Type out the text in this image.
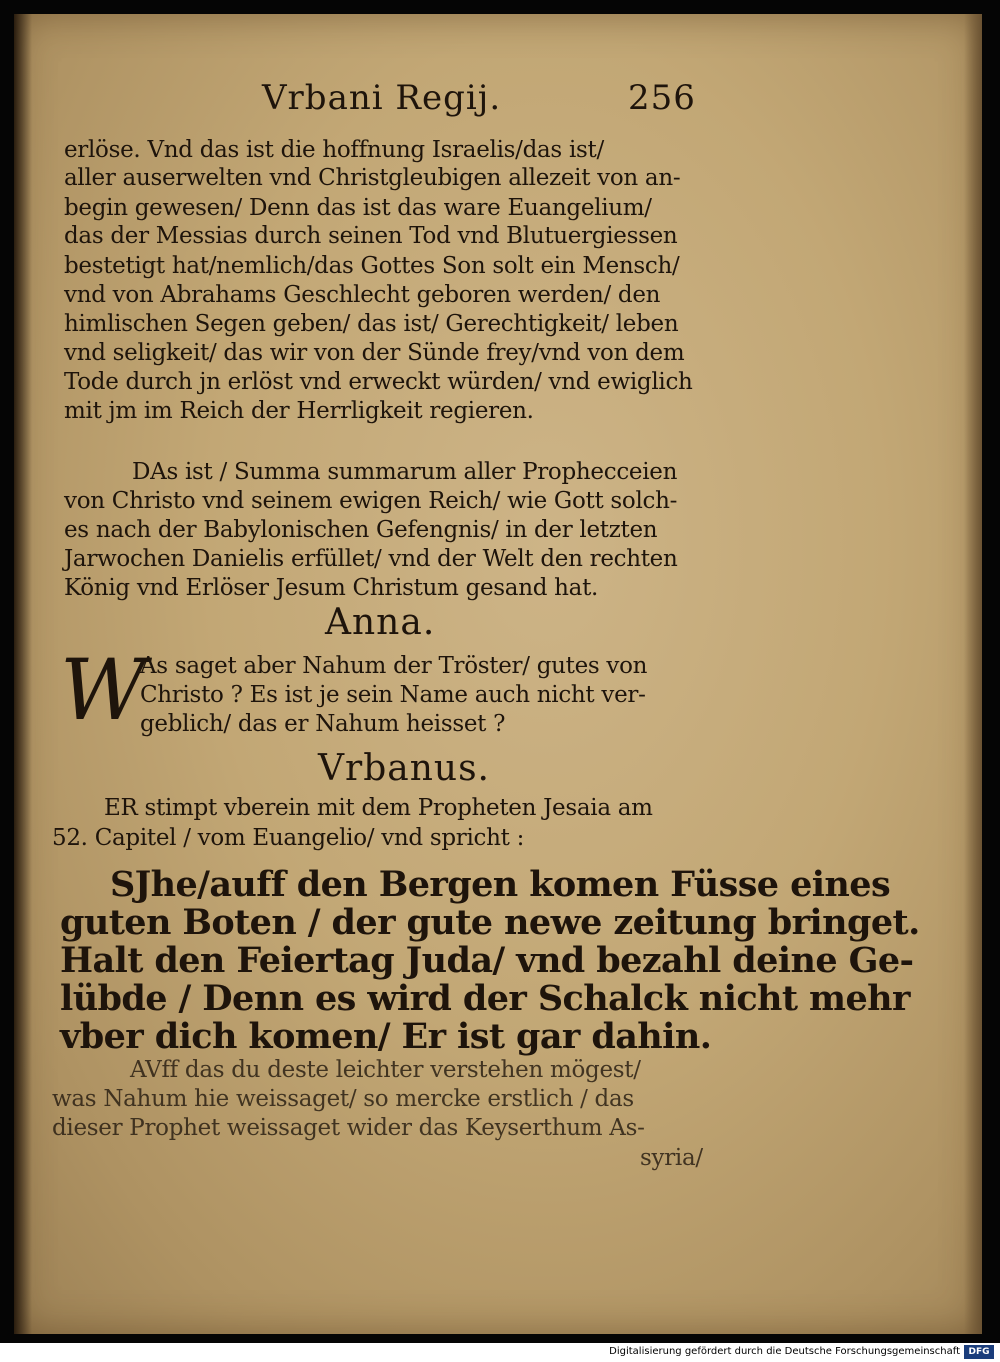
Vrbani Regij.	256
erlöse. Vnd das ist die hoffnung Israelis/das ist/
aller auserwelten vnd Christgleubigen allezeit von an-
begin gewesen/ Denn das ist das ware Euangelium/
das der Messias durch seinen Tod vnd Blutuergiessen
bestetigt hat/nemlich/das Gottes Son solt ein Mensch/
vnd von Abrahams Geschlecht geboren werden/ den
himlischen Segen geben/ das ist/ Gerechtigkeit/ leben
vnd seligkeit/ das wir von der Sünde frey/vnd von dem
Tode durch jn erlöst vnd erweckt würden/ vnd ewiglich
mit jm im Reich der Herrligkeit regieren.
DAs ist / Summa summarum aller Prophecceien
von Christo vnd seinem ewigen Reich/ wie Gott solch-
es nach der Babylonischen Gefengnis/ in der letzten
Jarwochen Danielis erfüllet/ vnd der Welt den rechten
König vnd Erlöser Jesum Christum gesand hat.
Anna.
W
As saget aber Nahum der Tröster/ gutes von
Christo ? Es ist je sein Name auch nicht ver-
geblich/ das er Nahum heisset ?
Vrbanus.
ER stimpt vberein mit dem Propheten Jesaia am
52. Capitel / vom Euangelio/ vnd spricht :
SJhe/auff den Bergen komen Füsse eines
guten Boten / der gute newe zeitung bringet.
Halt den Feiertag Juda/ vnd bezahl deine Ge-
lübde / Denn es wird der Schalck nicht mehr
vber dich komen/ Er ist gar dahin.
AVff das du deste leichter verstehen mögest/
was Nahum hie weissaget/ so mercke erstlich / das
dieser Prophet weissaget wider das Keyserthum As-
syria/
Digitalisierung gefördert durch die Deutsche Forschungsgemeinschaft DFG
